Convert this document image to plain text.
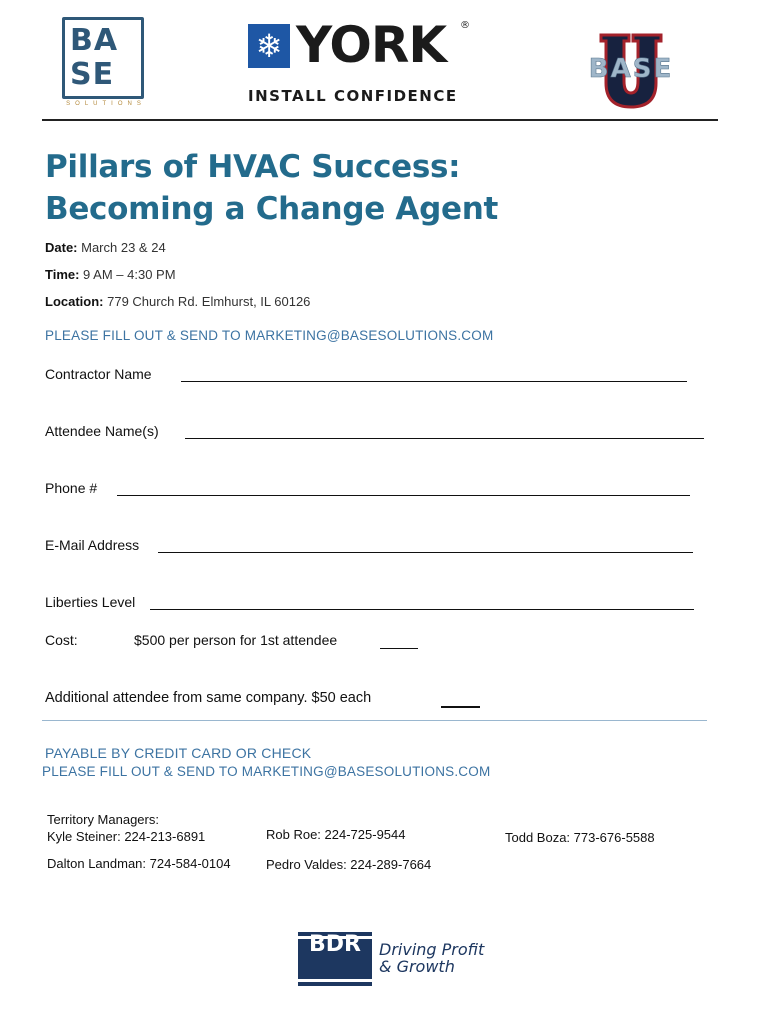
BA
SE
SOLUTIONS
❄ YORK ®
INSTALL CONFIDENCE
BASE
Pillars of HVAC Success:
Becoming a Change Agent
Date: March 23 & 24
Time: 9 AM – 4:30 PM
Location: 779 Church Rd. Elmhurst, IL 60126
PLEASE FILL OUT & SEND TO MARKETING@BASESOLUTIONS.COM
Contractor Name
Attendee Name(s)
Phone #
E-Mail Address
Liberties Level
Cost:	$500 per person for 1st attendee
Additional attendee from same company. $50 each
PAYABLE BY CREDIT CARD OR CHECK
PLEASE FILL OUT & SEND TO MARKETING@BASESOLUTIONS.COM
Territory Managers:
Kyle Steiner: 224-213-6891	Rob Roe: 224-725-9544	Todd Boza: 773-676-5588
Dalton Landman: 724-584-0104	Pedro Valdes: 224-289-7664
BDR	Driving Profit
& Growth
